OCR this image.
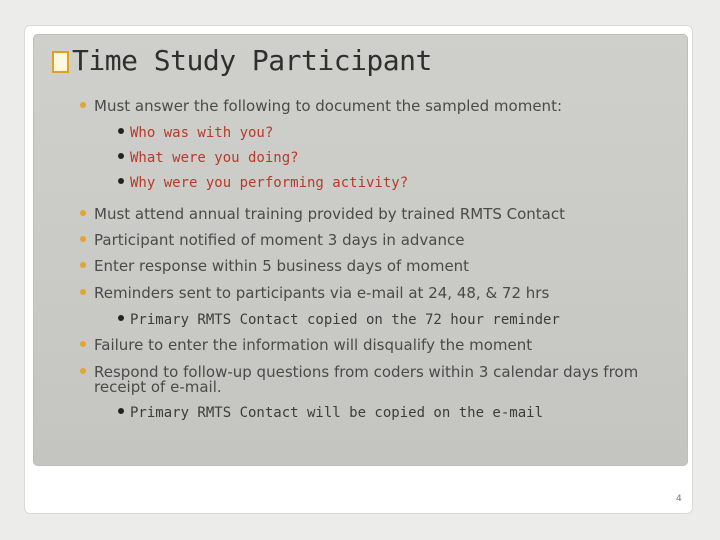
Time Study Participant
Must answer the following to document the sampled moment:
Who was with you?
What were you doing?
Why were you performing activity?
Must attend annual training provided by trained RMTS Contact
Participant notified of moment 3 days in advance
Enter response within 5 business days of moment
Reminders sent to participants via e-mail at 24, 48, & 72 hrs
Primary RMTS Contact copied on the 72 hour reminder
Failure to enter the information will disqualify the moment
Respond to follow-up questions from coders within 3 calendar days from receipt of e-mail.
Primary RMTS Contact will be copied on the e-mail
4
